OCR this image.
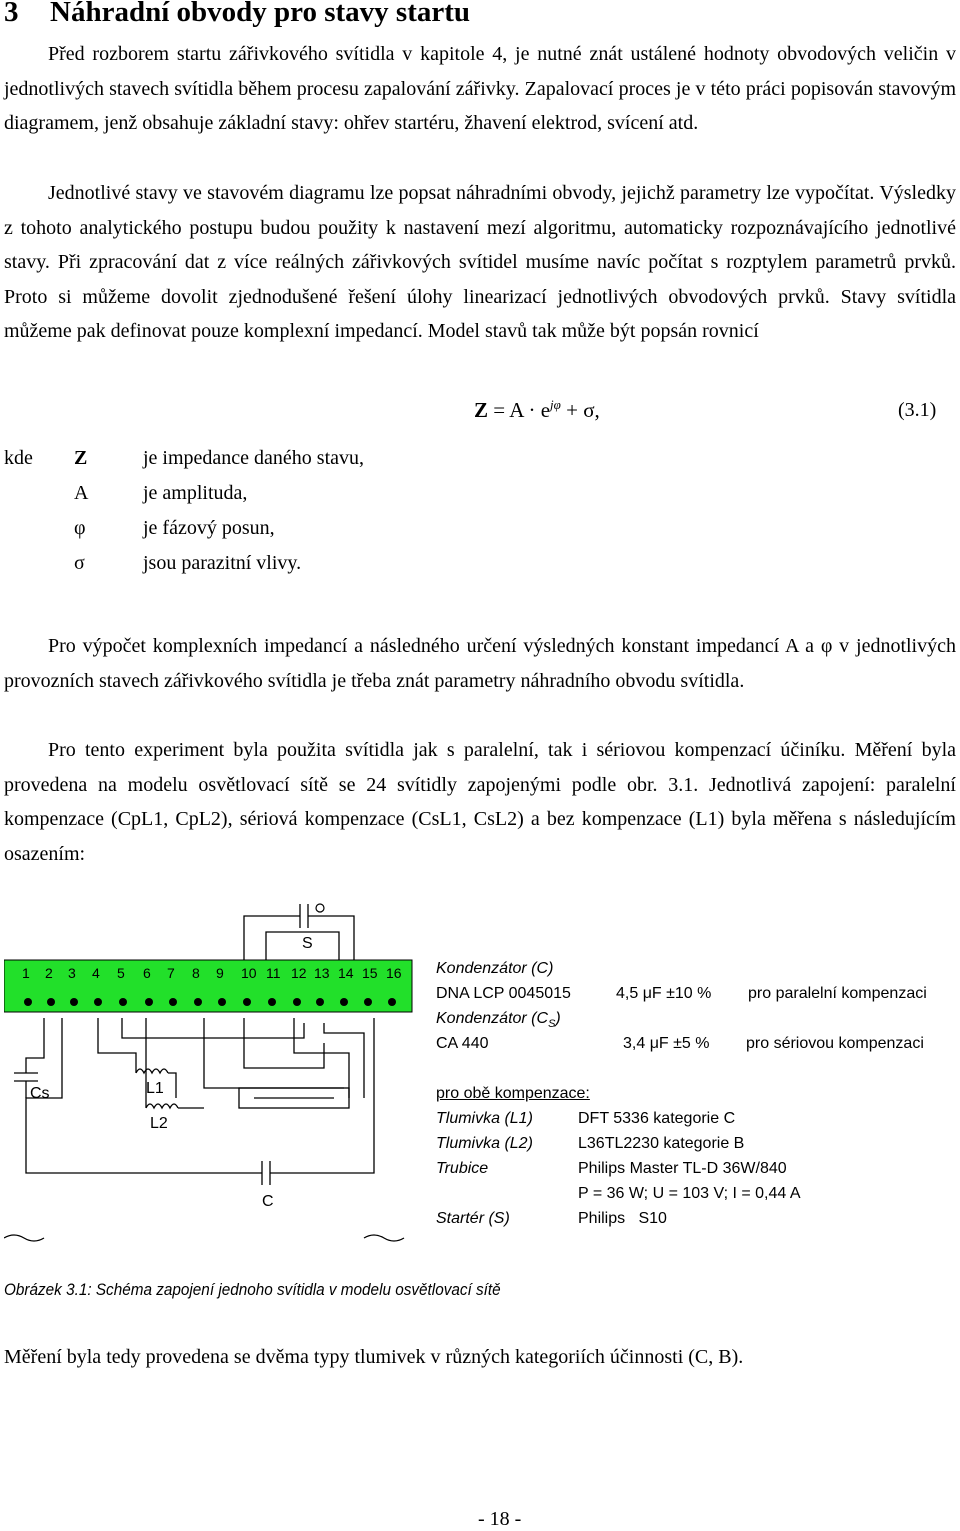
3 Náhradní obvody pro stavy startu
Před rozborem startu zářivkového svítidla v kapitole 4, je nutné znát ustálené hodnoty obvodových veličin v jednotlivých stavech svítidla během procesu zapalování zářivky. Zapalovací proces je v této práci popisován stavovým diagramem, jenž obsahuje základní stavy: ohřev startéru, žhavení elektrod, svícení atd.
Jednotlivé stavy ve stavovém diagramu lze popsat náhradními obvody, jejichž parametry lze vypočítat. Výsledky z tohoto analytického postupu budou použity k nastavení mezí algoritmu, automaticky rozpoznávajícího jednotlivé stavy. Při zpracování dat z více reálných zářivkových svítidel musíme navíc počítat s rozptylem parametrů prvků. Proto si můžeme dovolit zjednodušené řešení úlohy linearizací jednotlivých obvodových prvků. Stavy svítidla můžeme pak definovat pouze komplexní impedancí. Model stavů tak může být popsán rovnicí
$Z = A \cdot e^{j\varphi} + \sigma$,	(3.1)
kde Z	je impedance daného stavu,
A	je amplituda,
φ	je fázový posun,
σ	jsou parazitní vlivy.
Pro výpočet komplexních impedancí a následného určení výsledných konstant impedancí A a φ v jednotlivých provozních stavech zářivkového svítidla je třeba znát parametry náhradního obvodu svítidla.
Pro tento experiment byla použita svítidla jak s paralelní, tak i sériovou kompenzací účiníku. Měření byla provedena na modelu osvětlovací sítě se 24 svítidly zapojenými podle obr. 3.1. Jednotlivá zapojení: paralelní kompenzace (CpL1, CpL2), sériová kompenzace (CsL1, CsL2) a bez kompenzace (L1) byla měřena s následujícím osazením:
S
1 2 3 4 5 6 7 8 9 10 11 12 13 14 15 16
Cs	L1
L2
C
Kondenzátor (C)
DNA LCP 0045015	4,5 μF ±10 % pro paralelní kompenzaci
Kondenzátor $(C_S)$
CA 440	3,4 μF ±5 % pro sériovou kompenzaci
pro obě kompenzace:
Tlumivka (L1)	DFT 5336 kategorie C
Tlumivka (L2)	L36TL2230 kategorie B
Trubice	Philips Master TL-D 36W/840
P = 36 W; U = 103 V; I = 0,44 A
Startér (S)	Philips   S10
Obrázek 3.1: Schéma zapojení jednoho svítidla v modelu osvětlovací sítě
Měření byla tedy provedena se dvěma typy tlumivek v různých kategoriích účinnosti (C, B).
- 18 -
